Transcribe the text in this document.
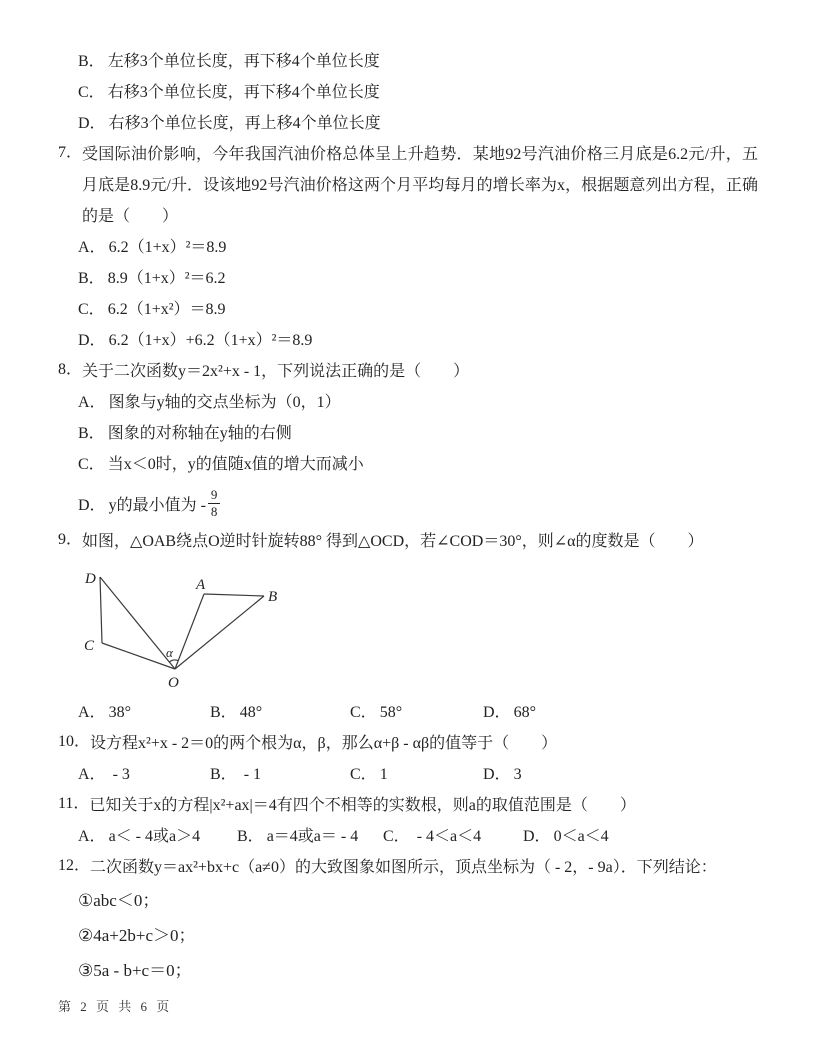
B． 左移3个单位长度，再下移4个单位长度
C． 右移3个单位长度，再下移4个单位长度
D． 右移3个单位长度，再上移4个单位长度
7． 受国际油价影响，今年我国汽油价格总体呈上升趋势．某地92号汽油价格三月底是6.2元/升，五月底是8.9元/升．设该地92号汽油价格这两个月平均每月的增长率为x，根据题意列出方程，正确的是（　　）
A． 6.2（1+x）²＝8.9
B． 8.9（1+x）²＝6.2
C． 6.2（1+x²）＝8.9
D． 6.2（1+x）+6.2（1+x）²＝8.9
8． 关于二次函数y＝2x²+x - 1，下列说法正确的是（　　）
A． 图象与y轴的交点坐标为（0，1）
B． 图象的对称轴在y轴的右侧
C． 当x＜0时，y的值随x值的增大而减小
D． y的最小值为 - $\frac{9}{8}$
9． 如图，△OAB绕点O逆时针旋转88° 得到△OCD，若∠COD＝30°，则∠α的度数是（　　）
D	A
B
C
O
α
A． 38°	B． 48°	C． 58°	D． 68°
10． 设方程x²+x - 2＝0的两个根为α，β，那么α+β - αβ的值等于（　　）
A． - 3	B． - 1	C． 1	D． 3
11． 已知关于x的方程|x²+ax|＝4有四个不相等的实数根，则a的取值范围是（　　）
A． a＜ - 4或a＞4	B． a＝4或a＝ - 4	C． - 4＜a＜4	D． 0＜a＜4
12． 二次函数y＝ax²+bx+c（a≠0）的大致图象如图所示，顶点坐标为（ - 2，- 9a）．下列结论：
①abc＜0；
②4a+2b+c＞0；
③5a - b+c＝0；
第 2 页 共 6 页
